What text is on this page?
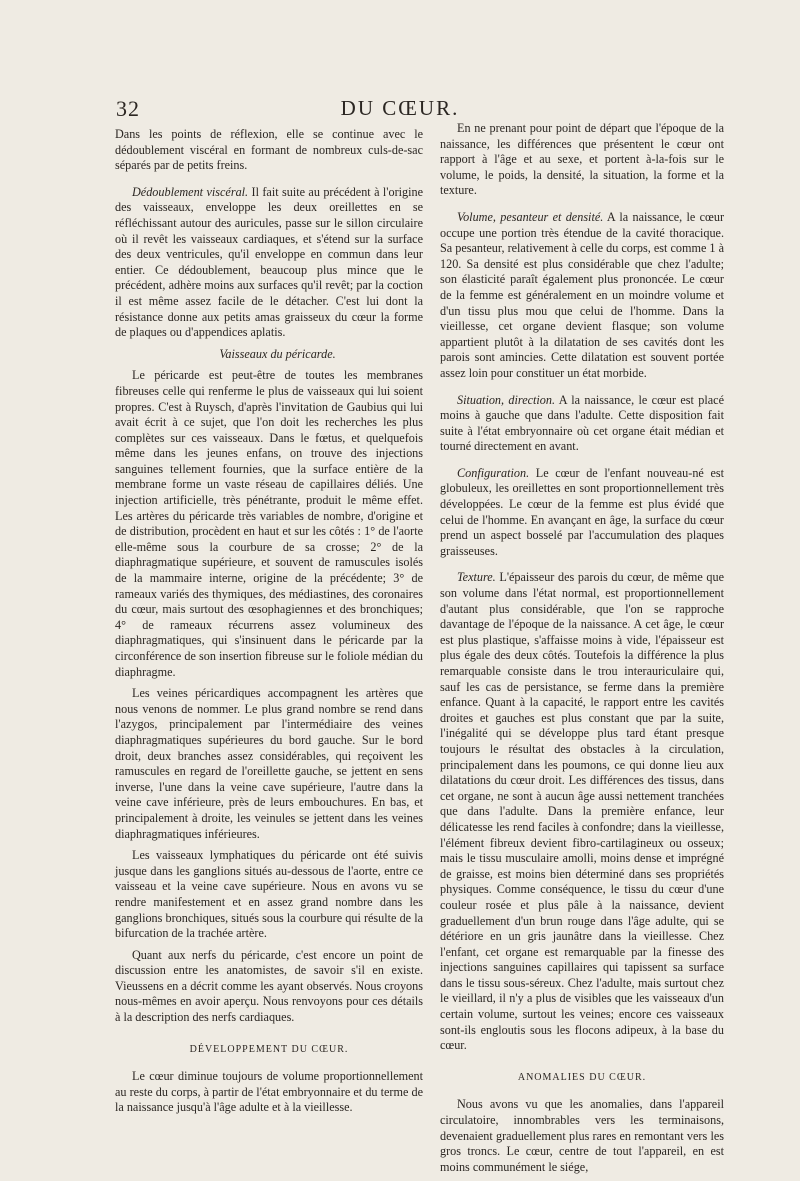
32	DU CŒUR.

Dans les points de réflexion, elle se continue avec le dédoublement viscéral en formant de nombreux culs-de-sac séparés par de petits freins.

Dédoublement viscéral. Il fait suite au précédent à l'origine des vaisseaux, enveloppe les deux oreillettes en se réfléchissant autour des auricules, passe sur le sillon circulaire où il revêt les vaisseaux cardiaques, et s'étend sur la surface des deux ventricules, qu'il enveloppe en commun dans leur entier. Ce dédoublement, beaucoup plus mince que le précédent, adhère moins aux surfaces qu'il revêt; par la coction il est même assez facile de le détacher. C'est lui dont la résistance donne aux petits amas graisseux du cœur la forme de plaques ou d'appendices aplatis.

Vaisseaux du péricarde.

Le péricarde est peut-être de toutes les membranes fibreuses celle qui renferme le plus de vaisseaux qui lui soient propres. C'est à Ruysch, d'après l'invitation de Gaubius qui lui avait écrit à ce sujet, que l'on doit les recherches les plus complètes sur ces vaisseaux. Dans le fœtus, et quelquefois même dans les jeunes enfans, on trouve des injections sanguines tellement fournies, que la surface entière de la membrane forme un vaste réseau de capillaires déliés. Une injection artificielle, très pénétrante, produit le même effet. Les artères du péricarde très variables de nombre, d'origine et de distribution, procèdent en haut et sur les côtés : 1° de l'aorte elle-même sous la courbure de sa crosse; 2° de la diaphragmatique supérieure, et souvent de ramuscules isolés de la mammaire interne, origine de la précédente; 3° de rameaux variés des thymiques, des médiastines, des coronaires du cœur, mais surtout des œsophagiennes et des bronchiques; 4° de rameaux récurrens assez volumineux des diaphragmatiques, qui s'insinuent dans le péricarde par la circonférence de son insertion fibreuse sur le foliole médian du diaphragme.

Les veines péricardiques accompagnent les artères que nous venons de nommer. Le plus grand nombre se rend dans l'azygos, principalement par l'intermédiaire des veines diaphragmatiques supérieures du bord gauche. Sur le bord droit, deux branches assez considérables, qui reçoivent les ramuscules en regard de l'oreillette gauche, se jettent en sens inverse, l'une dans la veine cave supérieure, l'autre dans la veine cave inférieure, près de leurs embouchures. En bas, et principalement à droite, les veinules se jettent dans les veines diaphragmatiques inférieures.

Les vaisseaux lymphatiques du péricarde ont été suivis jusque dans les ganglions situés au-dessous de l'aorte, entre ce vaisseau et la veine cave supérieure. Nous en avons vu se rendre manifestement et en assez grand nombre dans les ganglions bronchiques, situés sous la courbure qui résulte de la bifurcation de la trachée artère.

Quant aux nerfs du péricarde, c'est encore un point de discussion entre les anatomistes, de savoir s'il en existe. Vieussens en a décrit comme les ayant observés. Nous croyons nous-mêmes en avoir aperçu. Nous renvoyons pour ces détails à la description des nerfs cardiaques.

DÉVELOPPEMENT DU CŒUR.

Le cœur diminue toujours de volume proportionnellement au reste du corps, à partir de l'état embryonnaire et du terme de la naissance jusqu'à l'âge adulte et à la vieillesse.

En ne prenant pour point de départ que l'époque de la naissance, les différences que présentent le cœur ont rapport à l'âge et au sexe, et portent à-la-fois sur le volume, le poids, la densité, la situation, la forme et la texture.

Volume, pesanteur et densité. A la naissance, le cœur occupe une portion très étendue de la cavité thoracique. Sa pesanteur, relativement à celle du corps, est comme 1 à 120. Sa densité est plus considérable que chez l'adulte; son élasticité paraît également plus prononcée. Le cœur de la femme est généralement en un moindre volume et d'un tissu plus mou que celui de l'homme. Dans la vieillesse, cet organe devient flasque; son volume appartient plutôt à la dilatation de ses cavités dont les parois sont amincies. Cette dilatation est souvent portée assez loin pour constituer un état morbide.

Situation, direction. A la naissance, le cœur est placé moins à gauche que dans l'adulte. Cette disposition fait suite à l'état embryonnaire où cet organe était médian et tourné directement en avant.

Configuration. Le cœur de l'enfant nouveau-né est globuleux, les oreillettes en sont proportionnellement très développées. Le cœur de la femme est plus évidé que celui de l'homme. En avançant en âge, la surface du cœur prend un aspect bosselé par l'accumulation des plaques graisseuses.

Texture. L'épaisseur des parois du cœur, de même que son volume dans l'état normal, est proportionnellement d'autant plus considérable, que l'on se rapproche davantage de l'époque de la naissance. A cet âge, le cœur est plus plastique, s'affaisse moins à vide, l'épaisseur est plus égale des deux côtés. Toutefois la différence la plus remarquable consiste dans le trou interauriculaire qui, sauf les cas de persistance, se ferme dans la première enfance. Quant à la capacité, le rapport entre les cavités droites et gauches est plus constant que par la suite, l'inégalité qui se développe plus tard étant presque toujours le résultat des obstacles à la circulation, principalement dans les poumons, ce qui donne lieu aux dilatations du cœur droit. Les différences des tissus, dans cet organe, ne sont à aucun âge aussi nettement tranchées que dans l'adulte. Dans la première enfance, leur délicatesse les rend faciles à confondre; dans la vieillesse, l'élément fibreux devient fibro-cartilagineux ou osseux; mais le tissu musculaire amolli, moins dense et imprégné de graisse, est moins bien déterminé dans ses propriétés physiques. Comme conséquence, le tissu du cœur d'une couleur rosée et plus pâle à la naissance, devient graduellement d'un brun rouge dans l'âge adulte, qui se détériore en un gris jaunâtre dans la vieillesse. Chez l'enfant, cet organe est remarquable par la finesse des injections sanguines capillaires qui tapissent sa surface dans le tissu sous-séreux. Chez l'adulte, mais surtout chez le vieillard, il n'y a plus de visibles que les vaisseaux d'un certain volume, surtout les veines; encore ces vaisseaux sont-ils engloutis sous les flocons adipeux, à la base du cœur.

ANOMALIES DU CŒUR.

Nous avons vu que les anomalies, dans l'appareil circulatoire, innombrables vers les terminaisons, devenaient graduellement plus rares en remontant vers les gros troncs. Le cœur, centre de tout l'appareil, en est moins communément le siége,
